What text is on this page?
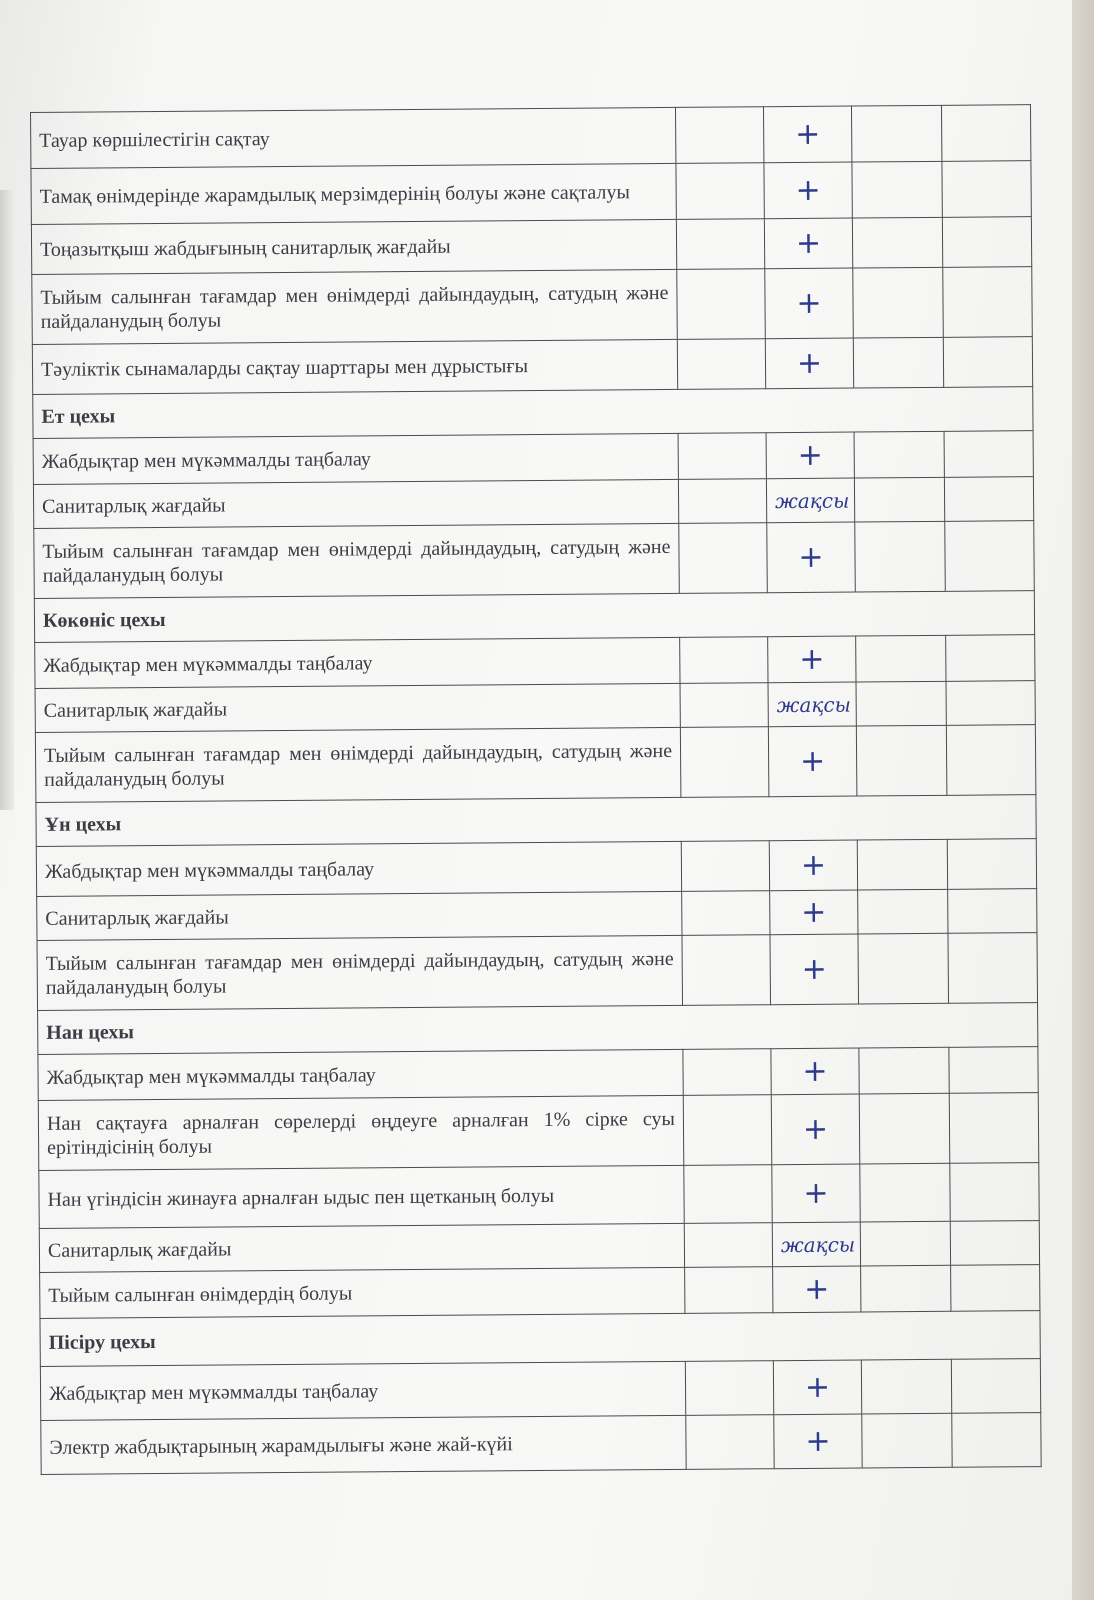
Тауар көршілестігін сақтау		+		
Тамақ өнімдерінде жарамдылық мерзімдерінің болуы және сақталуы		+		
Тоңазытқыш жабдығының санитарлық жағдайы		+		
Тыйым салынған тағамдар мен өнімдерді дайындаудың, сатудың және пайдаланудың болуы		+		
Тәуліктік сынамаларды сақтау шарттары мен дұрыстығы		+		
Ет цехы				
Жабдықтар мен мүкәммалды таңбалау		+		
Санитарлық жағдайы		жақсы		
Тыйым салынған тағамдар мен өнімдерді дайындаудың, сатудың және пайдаланудың болуы		+		
Көкөніс цехы				
Жабдықтар мен мүкәммалды таңбалау		+		
Санитарлық жағдайы		жақсы		
Тыйым салынған тағамдар мен өнімдерді дайындаудың, сатудың және пайдаланудың болуы		+		
Ұн цехы				
Жабдықтар мен мүкәммалды таңбалау		+		
Санитарлық жағдайы		+		
Тыйым салынған тағамдар мен өнімдерді дайындаудың, сатудың және пайдаланудың болуы		+		
Нан цехы				
Жабдықтар мен мүкәммалды таңбалау		+		
Нан сақтауға арналған сөрелерді өңдеуге арналған 1% сірке суы ерітіндісінің болуы		+		
Нан үгіндісін жинауға арналған ыдыс пен щетканың болуы		+		
Санитарлық жағдайы		жақсы		
Тыйым салынған өнімдердің болуы		+		
Пісіру цехы				
Жабдықтар мен мүкәммалды таңбалау		+		
Электр жабдықтарының жарамдылығы және жай-күйі		+		
